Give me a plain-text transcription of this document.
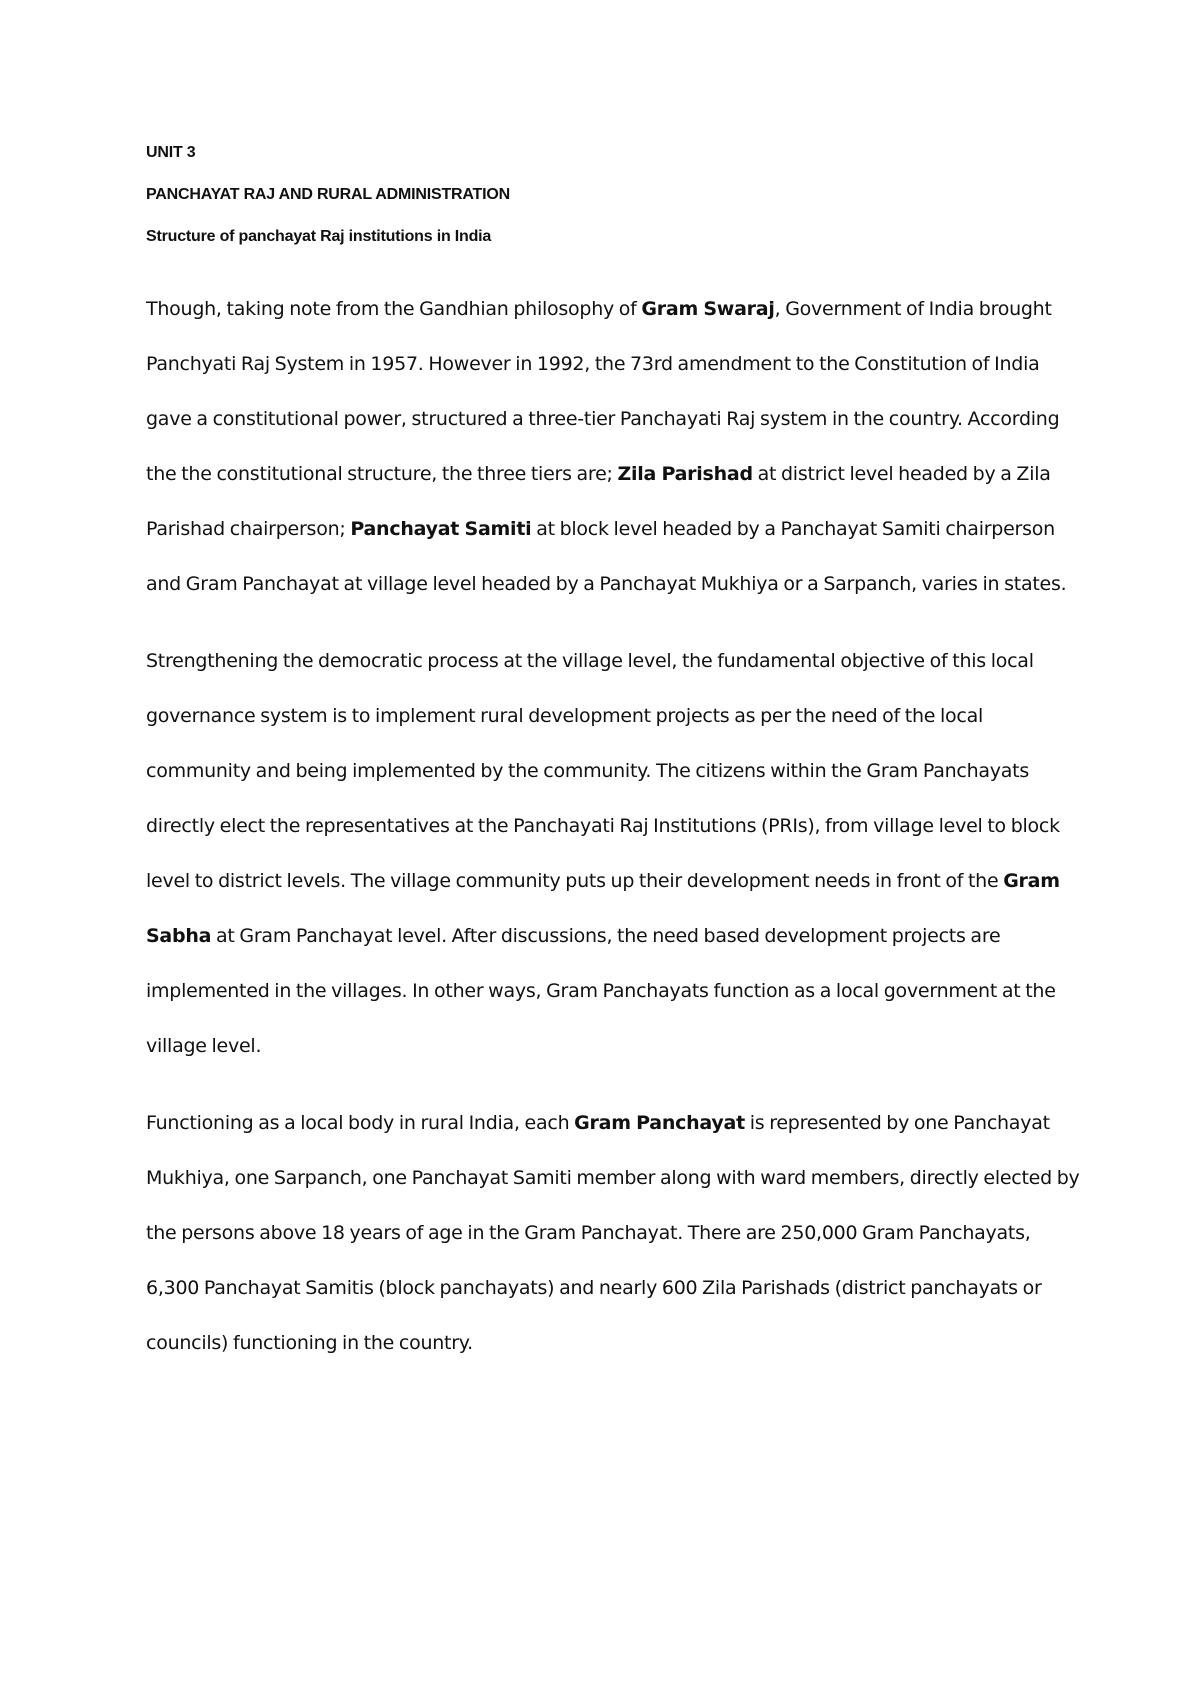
UNIT 3

PANCHAYAT RAJ AND RURAL ADMINISTRATION

Structure of panchayat Raj institutions in India

Though, taking note from the Gandhian philosophy of Gram Swaraj, Government of India brought Panchyati Raj System in 1957. However in 1992, the 73rd amendment to the Constitution of India gave a constitutional power, structured a three-tier Panchayati Raj system in the country. According the the constitutional structure, the three tiers are; Zila Parishad at district level headed by a Zila Parishad chairperson; Panchayat Samiti at block level headed by a Panchayat Samiti chairperson and Gram Panchayat at village level headed by a Panchayat Mukhiya or a Sarpanch, varies in states.

Strengthening the democratic process at the village level, the fundamental objective of this local governance system is to implement rural development projects as per the need of the local community and being implemented by the community. The citizens within the Gram Panchayats directly elect the representatives at the Panchayati Raj Institutions (PRIs), from village level to block level to district levels. The village community puts up their development needs in front of the Gram Sabha at Gram Panchayat level. After discussions, the need based development projects are implemented in the villages. In other ways, Gram Panchayats function as a local government at the village level.

Functioning as a local body in rural India, each Gram Panchayat is represented by one Panchayat Mukhiya, one Sarpanch, one Panchayat Samiti member along with ward members, directly elected by the persons above 18 years of age in the Gram Panchayat. There are 250,000 Gram Panchayats, 6,300 Panchayat Samitis (block panchayats) and nearly 600 Zila Parishads (district panchayats or councils) functioning in the country.
